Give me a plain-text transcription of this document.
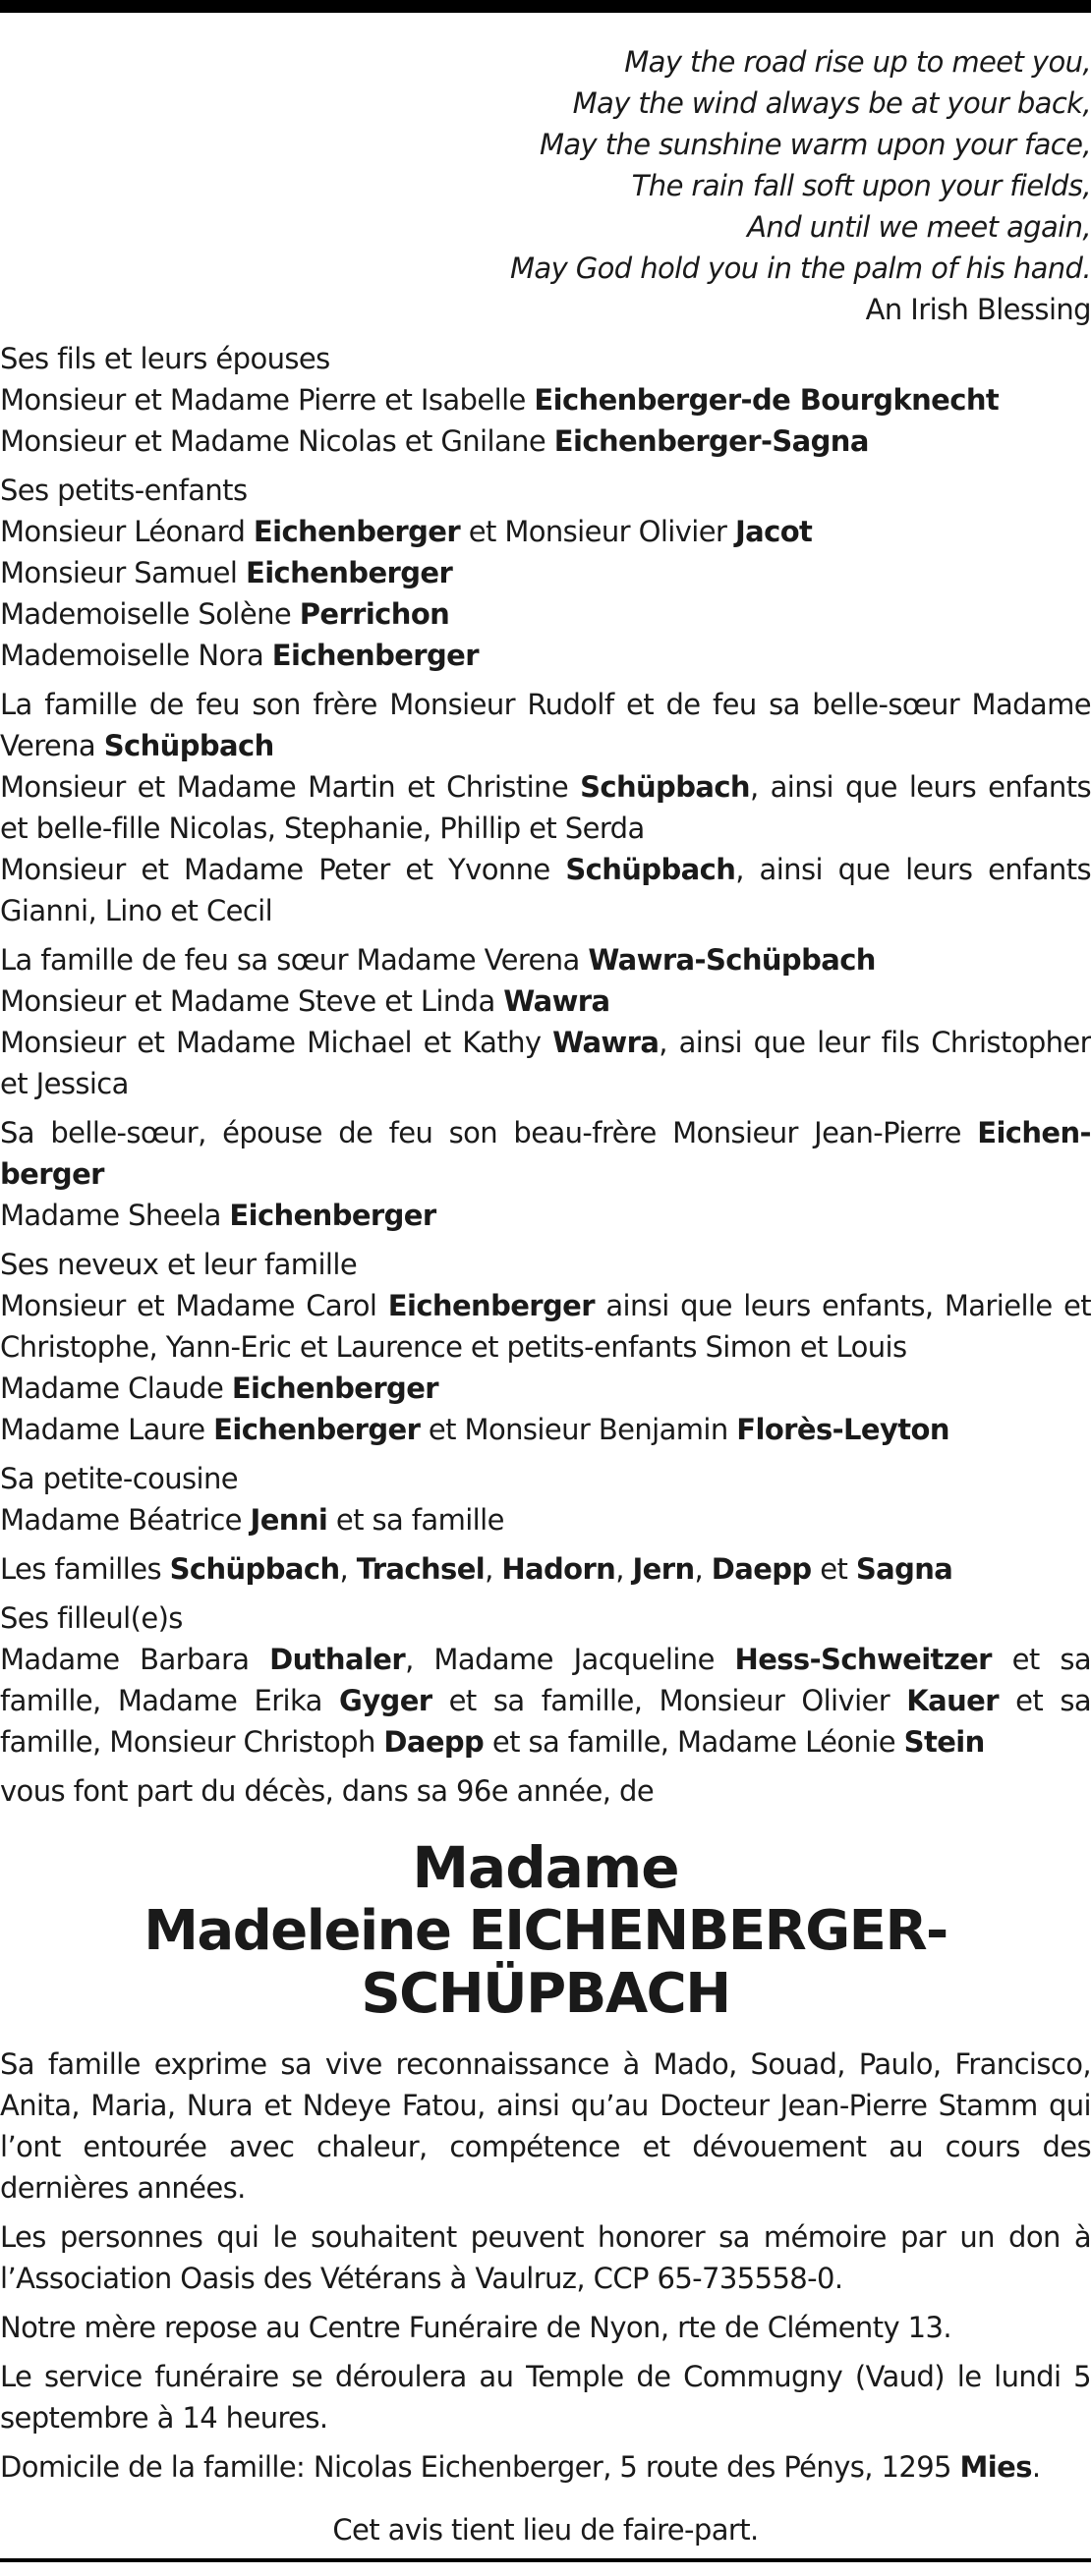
May the road rise up to meet you,
May the wind always be at your back,
May the sunshine warm upon your face,
The rain fall soft upon your fields,
And until we meet again,
May God hold you in the palm of his hand.
An Irish Blessing

Ses fils et leurs épouses

Monsieur et Madame Pierre et Isabelle Eichenberger-de Bourgknecht

Monsieur et Madame Nicolas et Gnilane Eichenberger-Sagna

Ses petits-enfants

Monsieur Léonard Eichenberger et Monsieur Olivier Jacot

Monsieur Samuel Eichenberger

Mademoiselle Solène Perrichon

Mademoiselle Nora Eichenberger

La famille de feu son frère Monsieur Rudolf et de feu sa belle-sœur Madame Verena Schüpbach

Monsieur et Madame Martin et Christine Schüpbach, ainsi que leurs enfants et belle-fille Nicolas, Stephanie, Phillip et Serda

Monsieur et Madame Peter et Yvonne Schüpbach, ainsi que leurs enfants Gianni, Lino et Cecil

La famille de feu sa sœur Madame Verena Wawra-Schüpbach

Monsieur et Madame Steve et Linda Wawra

Monsieur et Madame Michael et Kathy Wawra, ainsi que leur fils Christopher et Jessica

Sa belle-sœur, épouse de feu son beau-frère Monsieur Jean-Pierre Eichen-berger

Madame Sheela Eichenberger

Ses neveux et leur famille

Monsieur et Madame Carol Eichenberger ainsi que leurs enfants, Marielle et Christophe, Yann-Eric et Laurence et petits-enfants Simon et Louis

Madame Claude Eichenberger

Madame Laure Eichenberger et Monsieur Benjamin Florès-Leyton

Sa petite-cousine

Madame Béatrice Jenni et sa famille

Les familles Schüpbach, Trachsel, Hadorn, Jern, Daepp et Sagna

Ses filleul(e)s

Madame Barbara Duthaler, Madame Jacqueline Hess-Schweitzer et sa famille, Madame Erika Gyger et sa famille, Monsieur Olivier Kauer et sa famille, Monsieur Christoph Daepp et sa famille, Madame Léonie Stein

vous font part du décès, dans sa 96e année, de

Madame
Madeleine EICHENBERGER-SCHÜPBACH

Sa famille exprime sa vive reconnaissance à Mado, Souad, Paulo, Francisco, Anita, Maria, Nura et Ndeye Fatou, ainsi qu’au Docteur Jean-Pierre Stamm qui l’ont entourée avec chaleur, compétence et dévouement au cours des dernières années.

Les personnes qui le souhaitent peuvent honorer sa mémoire par un don à l’Association Oasis des Vétérans à Vaulruz, CCP 65-735558-0.

Notre mère repose au Centre Funéraire de Nyon, rte de Clémenty 13.

Le service funéraire se déroulera au Temple de Commugny (Vaud) le lundi 5 septembre à 14 heures.

Domicile de la famille: Nicolas Eichenberger, 5 route des Pénys, 1295 Mies.

Cet avis tient lieu de faire-part.
